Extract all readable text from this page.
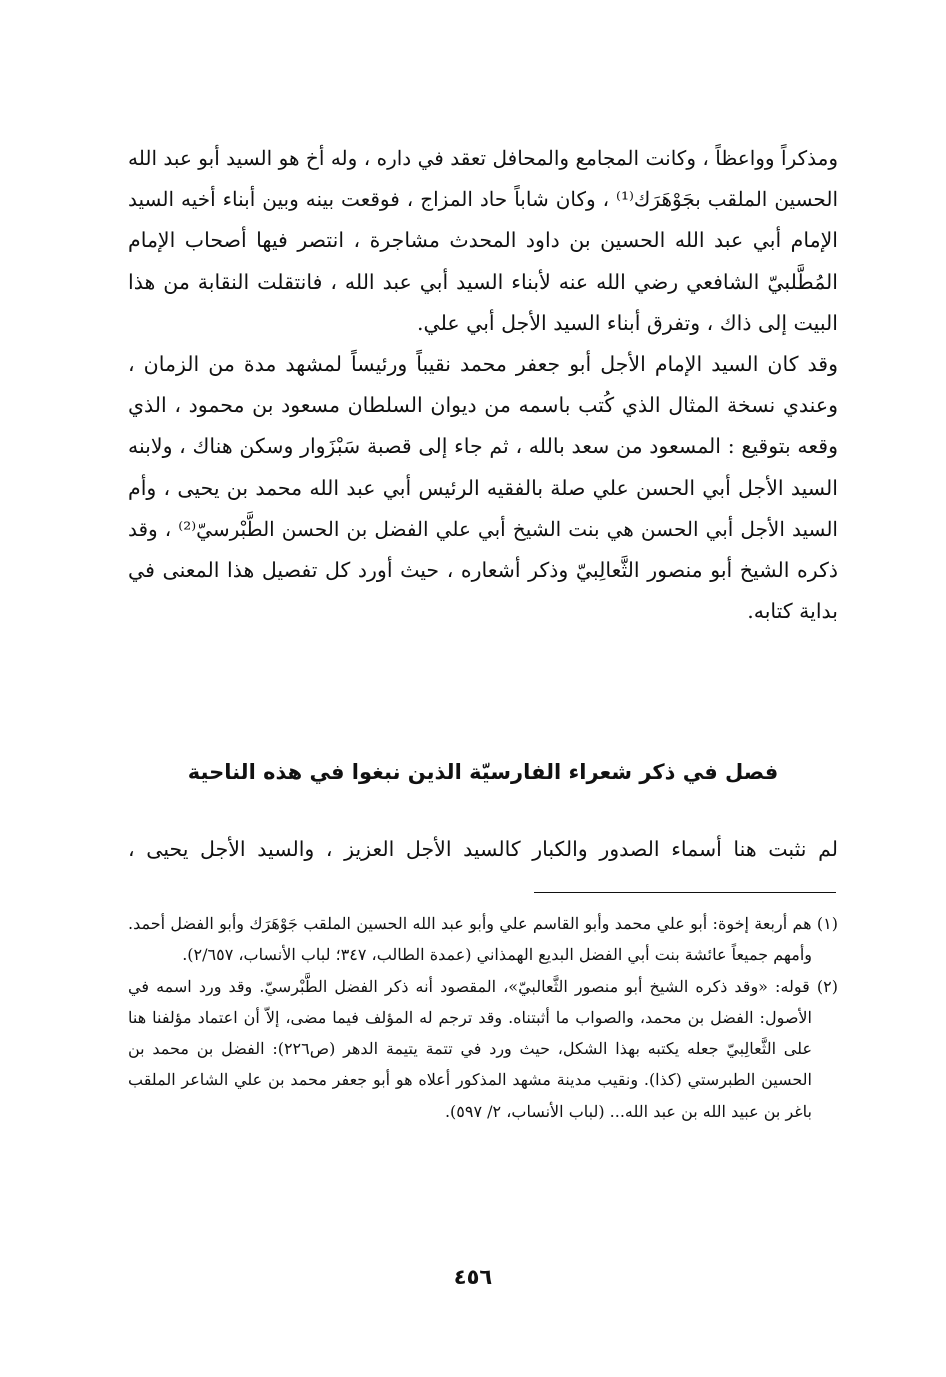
ومذكراً وواعظاً ، وكانت المجامع والمحافل تعقد في داره ، وله أخ هو السيد أبو عبد الله
الحسين الملقب بجَوْهَرَك⁽¹⁾ ، وكان شاباً حاد المزاج ، فوقعت بينه وبين أبناء أخيه السيد
الإمام أبي عبد الله الحسين بن داود المحدث مشاجرة ، انتصر فيها أصحاب الإمام
المُطَّلبيّ الشافعي رضي الله عنه لأبناء السيد أبي عبد الله ، فانتقلت النقابة من هذا
البيت إلى ذاك ، وتفرق أبناء السيد الأجل أبي علي.
وقد كان السيد الإمام الأجل أبو جعفر محمد نقيباً ورئيساً لمشهد مدة من الزمان ،
وعندي نسخة المثال الذي كُتب باسمه من ديوان السلطان مسعود بن محمود ، الذي
وقعه بتوقيع : المسعود من سعد بالله ، ثم جاء إلى قصبة سَبْزَوار وسكن هناك ، ولابنه
السيد الأجل أبي الحسن علي صلة بالفقيه الرئيس أبي عبد الله محمد بن يحيى ، وأم
السيد الأجل أبي الحسن هي بنت الشيخ أبي علي الفضل بن الحسن الطَّبْرسيّ⁽²⁾ ، وقد
ذكره الشيخ أبو منصور الثَّعالِبيّ وذكر أشعاره ، حيث أورد كل تفصيل هذا المعنى في
بداية كتابه.
فصل في ذكر شعراء الفارسيّة الذين نبغوا في هذه الناحية
لم نثبت هنا أسماء الصدور والكبار كالسيد الأجل العزيز ، والسيد الأجل يحيى ،
(١) هم أربعة إخوة: أبو علي محمد وأبو القاسم علي وأبو عبد الله الحسين الملقب جَوْهَرَك وأبو الفضل أحمد.
وأمهم جميعاً عائشة بنت أبي الفضل البديع الهمذاني (عمدة الطالب، ٣٤٧؛ لباب الأنساب، ٢/٦٥٧).
(٢) قوله: «وقد ذكره الشيخ أبو منصور الثَّعالبيّ»، المقصود أنه ذكر الفضل الطَّبْرسيّ. وقد ورد اسمه في
الأصول: الفضل بن محمد، والصواب ما أثبتناه. وقد ترجم له المؤلف فيما مضى، إلاّ أن اعتماد مؤلفنا هنا
على الثَّعالِبيّ جعله يكتبه بهذا الشكل، حيث ورد في تتمة يتيمة الدهر (ص٢٢٦): الفضل بن محمد بن
الحسين الطبرستي (كذا). ونقيب مدينة مشهد المذكور أعلاه هو أبو جعفر محمد بن علي الشاعر الملقب
باغر بن عبيد الله بن عبد الله... (لباب الأنساب، ٢/ ٥٩٧).
٤٥٦
